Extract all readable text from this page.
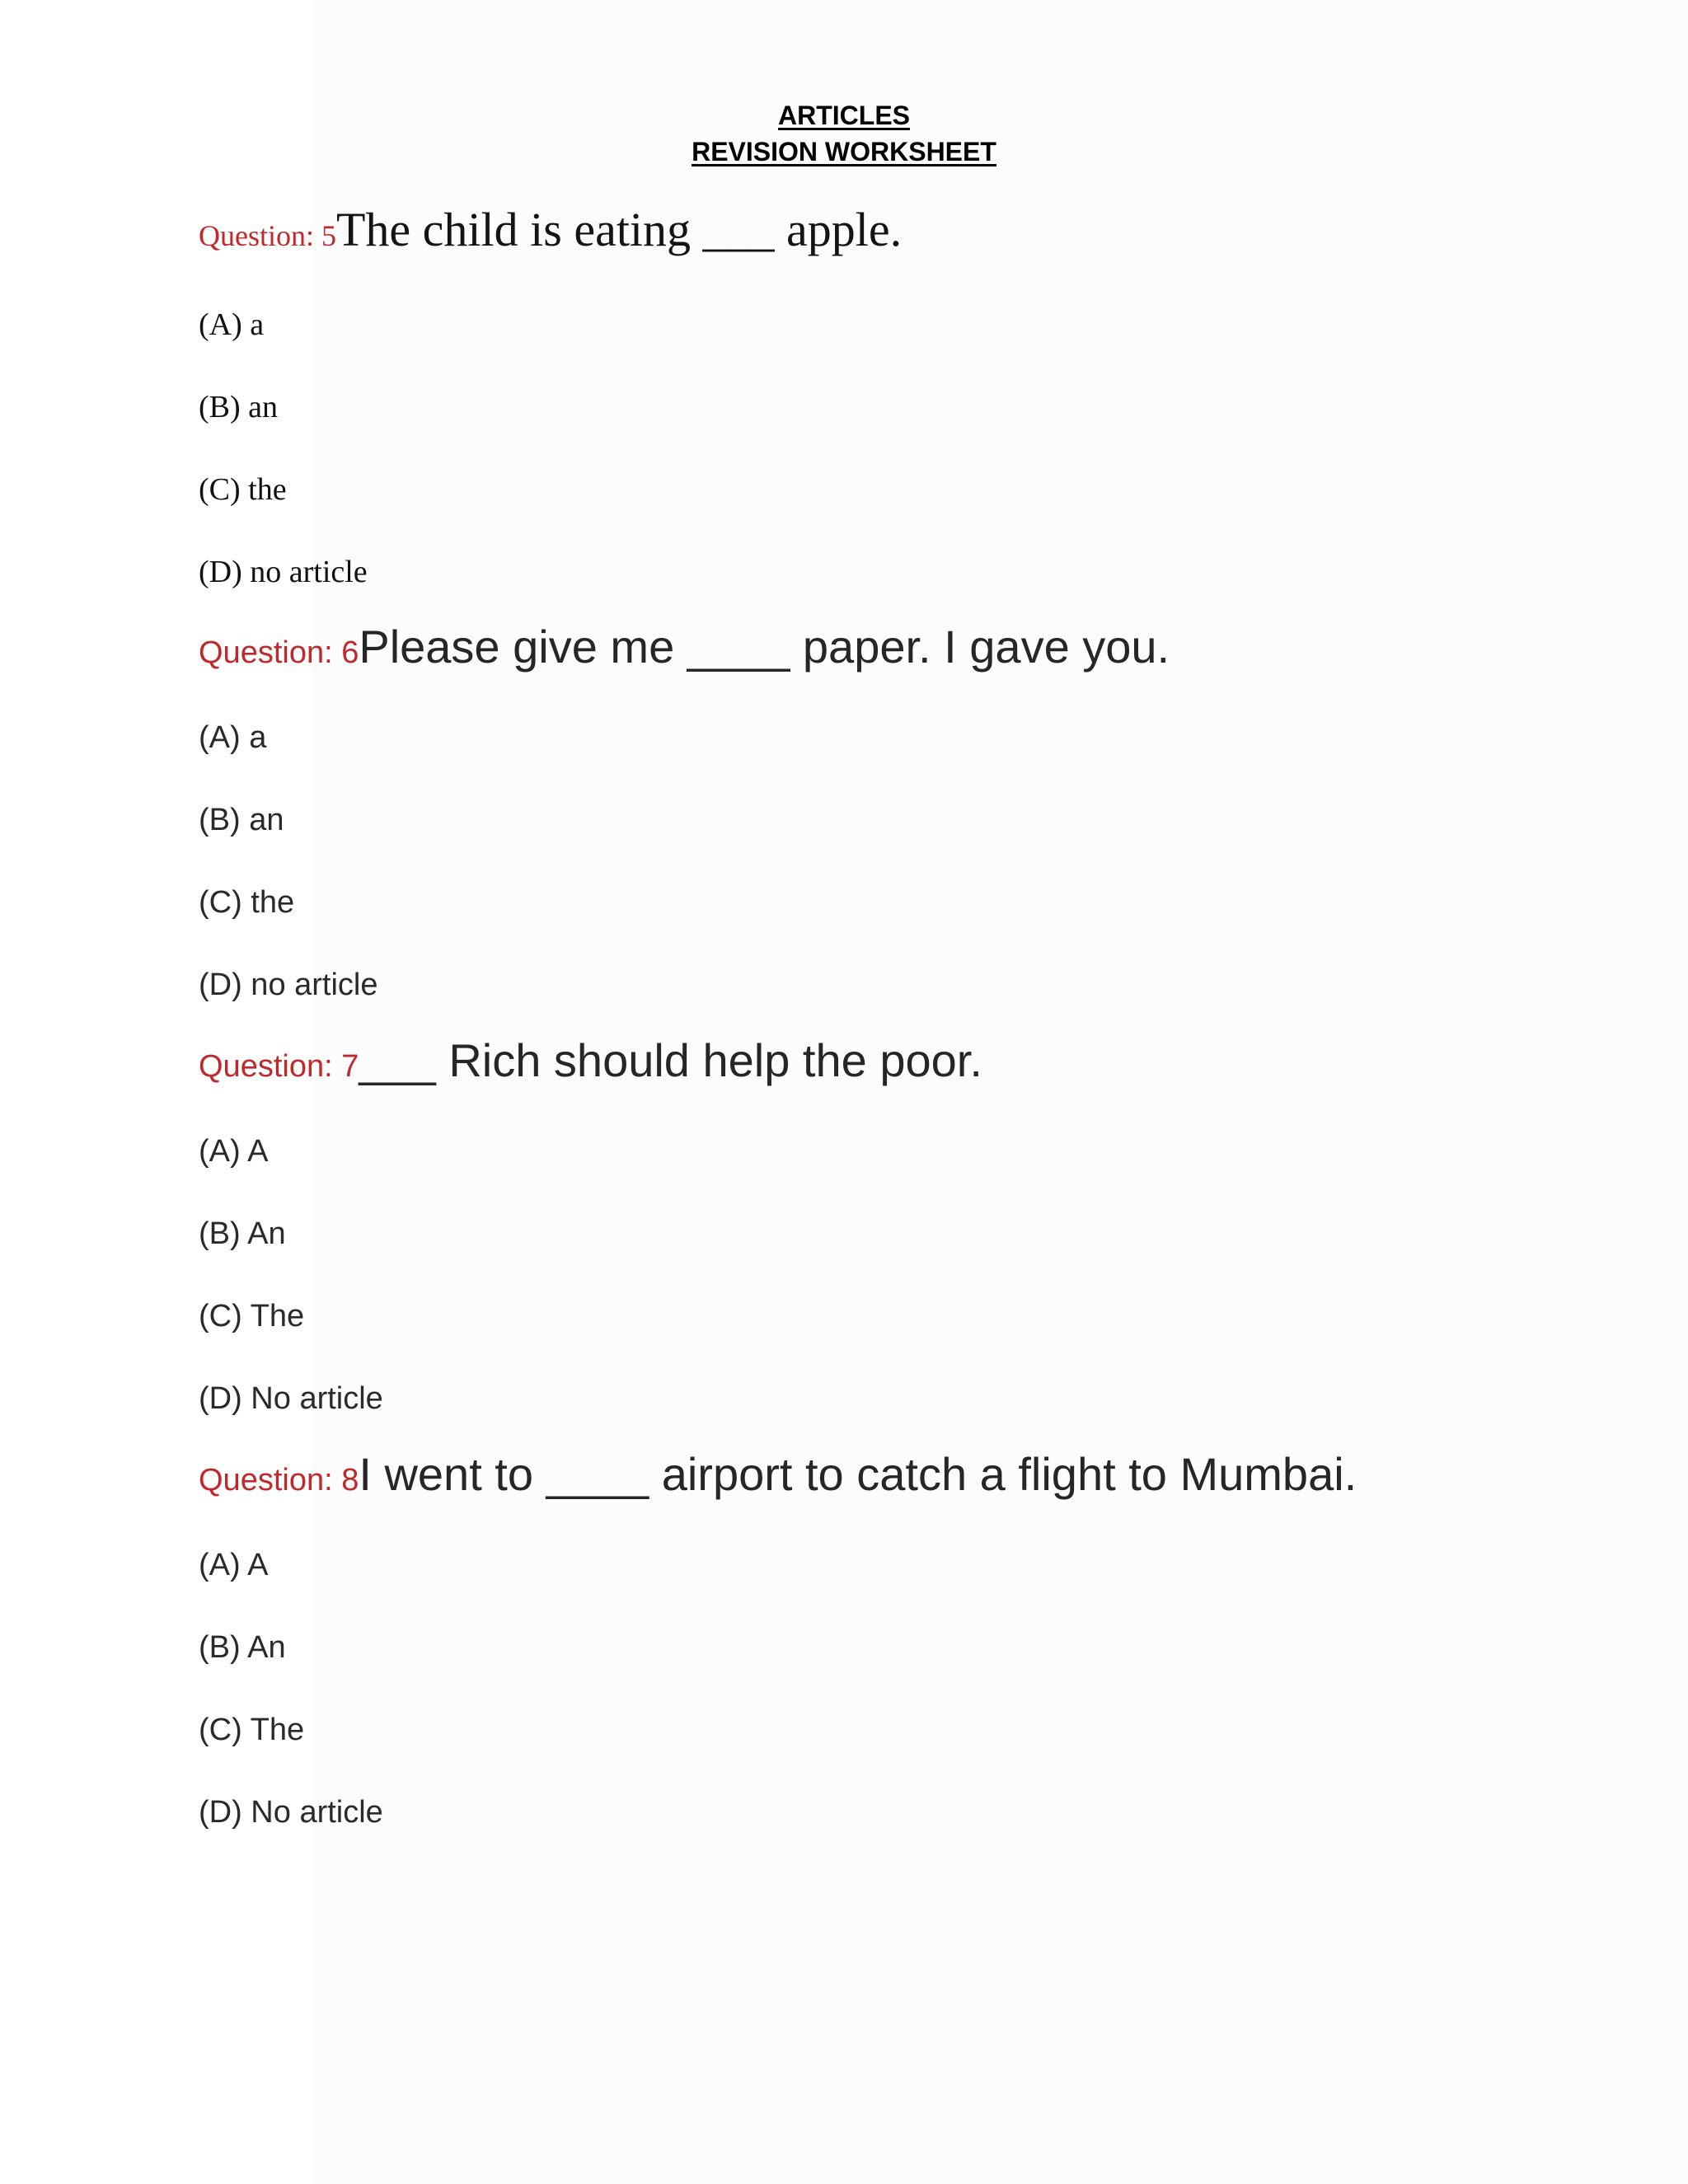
ARTICLES
REVISION WORKSHEET
Question: 5The child is eating ___ apple.
(A) a
(B) an
(C) the
(D) no article
Question: 6Please give me ____ paper. I gave you.
(A) a
(B) an
(C) the
(D) no article
Question: 7___ Rich should help the poor.
(A) A
(B) An
(C) The
(D) No article
Question: 8I went to ____ airport to catch a flight to Mumbai.
(A) A
(B) An
(C) The
(D) No article
